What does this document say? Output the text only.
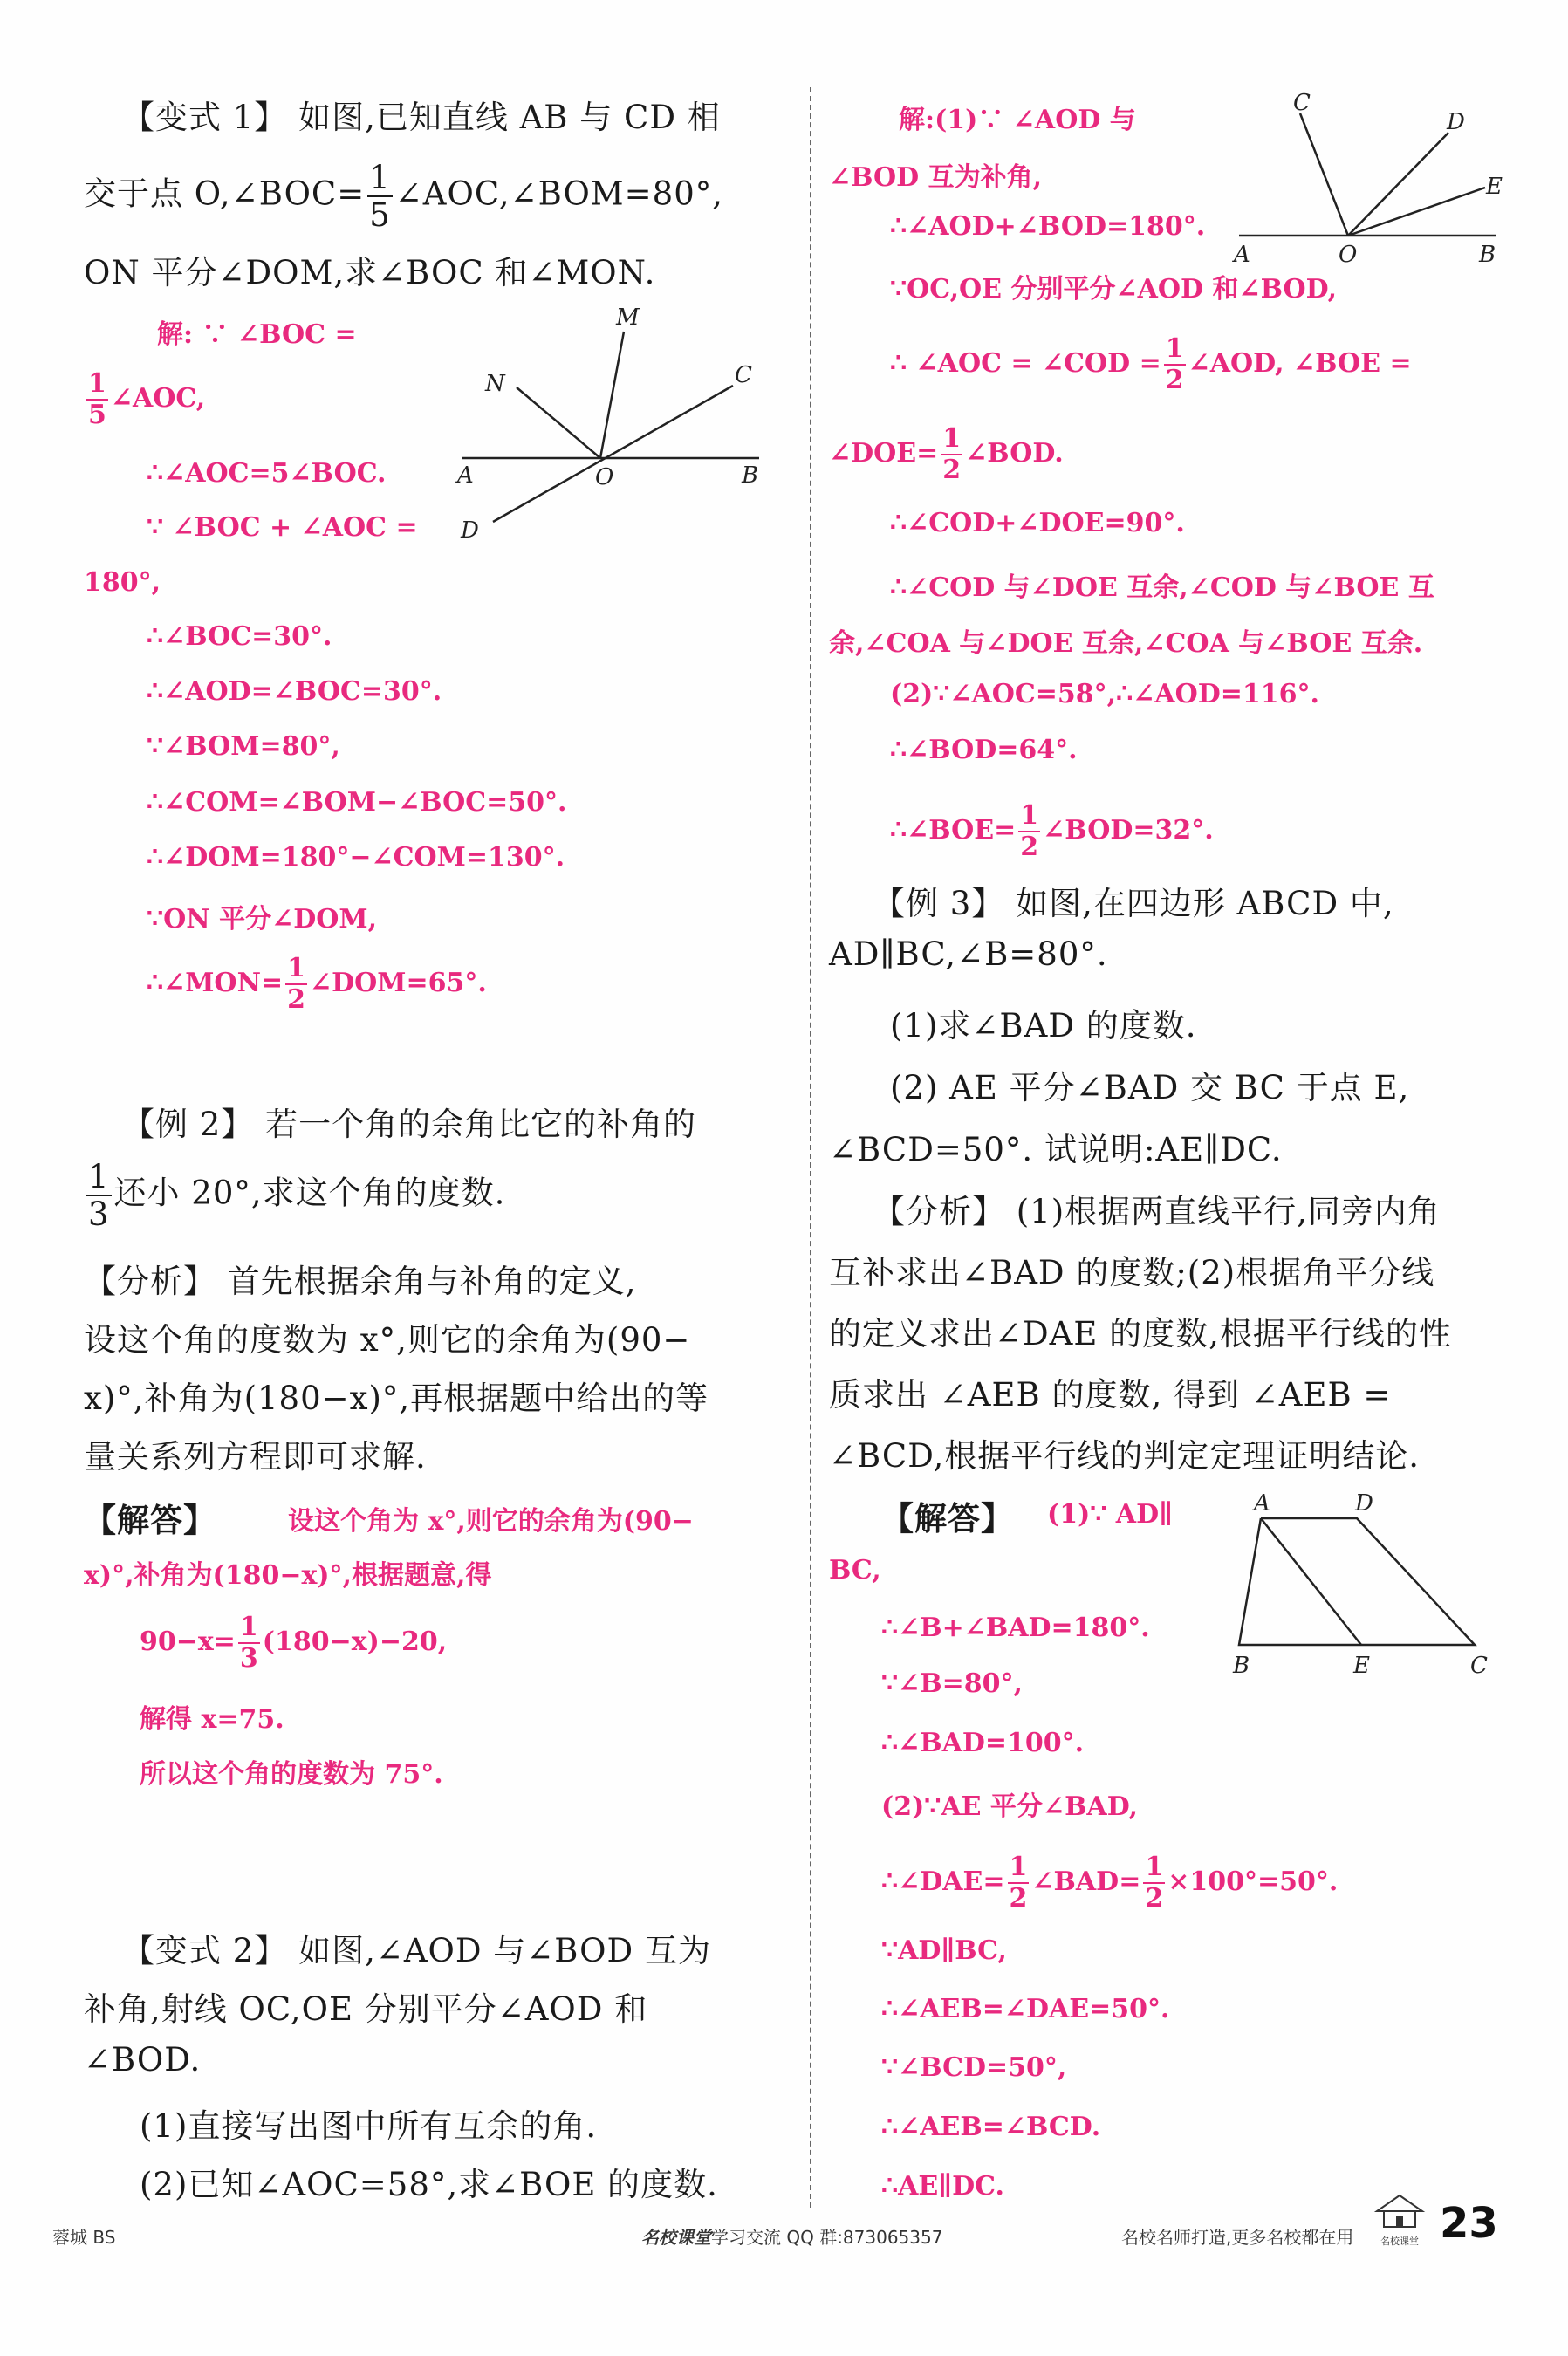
【变式 1】 如图,已知直线 AB 与 CD 相
交于点 O,∠BOC= $\frac{1}{5}$ ∠AOC,∠BOM=80°,
ON 平分∠DOM,求∠BOC 和∠MON.
解: ∵ ∠BOC =
$\frac{1}{5}$ ∠AOC,
∴∠AOC=5∠BOC.
∵ ∠BOC + ∠AOC =
180°,
∴∠BOC=30°.
∴∠AOD=∠BOC=30°.
∵∠BOM=80°,
∴∠COM=∠BOM−∠BOC=50°.
∴∠DOM=180°−∠COM=130°.
∵ON 平分∠DOM,
∴∠MON= $\frac{1}{2}$ ∠DOM=65°.
M
N	C
A	O	B
D
【例 2】 若一个角的余角比它的补角的
$\frac{1}{3}$ 还小 20°,求这个角的度数.
【分析】 首先根据余角与补角的定义,
设这个角的度数为 x°,则它的余角为(90−
x)°,补角为(180−x)°,再根据题中给出的等
量关系列方程即可求解.
【解答】	设这个角为 x°,则它的余角为(90−
x)°,补角为(180−x)°,根据题意,得
$90-x= \frac{1}{3} (180-x)-20$,
解得 x=75.
所以这个角的度数为 75°.
【变式 2】 如图,∠AOD 与∠BOD 互为
补角,射线 OC,OE 分别平分∠AOD 和
∠BOD.
(1)直接写出图中所有互余的角.
(2)已知∠AOC=58°,求∠BOE 的度数.
解:(1)∵ ∠AOD 与
∠BOD 互为补角,
∴∠AOD+∠BOD=180°.
∵OC,OE 分别平分∠AOD 和∠BOD,
∴ ∠AOC = ∠COD = $\frac{1}{2}$ ∠AOD, ∠BOE =
∠DOE= $\frac{1}{2}$ ∠BOD.
∴∠COD+∠DOE=90°.
∴∠COD 与∠DOE 互余,∠COD 与∠BOE 互
余,∠COA 与∠DOE 互余,∠COA 与∠BOE 互余.
(2)∵∠AOC=58°,∴∠AOD=116°.
∴∠BOD=64°.
∴∠BOE= $\frac{1}{2}$ ∠BOD=32°.
C
D
E
A	O	B
【例 3】 如图,在四边形 ABCD 中,
AD∥BC,∠B=80°.
(1)求∠BAD 的度数.
(2) AE 平分∠BAD 交 BC 于点 E,
∠BCD=50°. 试说明:AE∥DC.
【分析】 (1)根据两直线平行,同旁内角
互补求出∠BAD 的度数;(2)根据角平分线
的定义求出∠DAE 的度数,根据平行线的性
质求出 ∠AEB 的度数, 得到 ∠AEB =
∠BCD,根据平行线的判定定理证明结论.
【解答】 (1)∵ AD∥
BC,
∴∠B+∠BAD=180°.
∵∠B=80°,
∴∠BAD=100°.
(2)∵AE 平分∠BAD,
∴∠DAE= $\frac{1}{2}$ ∠BAD= $\frac{1}{2} \times 100^\circ=50^\circ$.
∵AD∥BC,
∴∠AEB=∠DAE=50°.
∵∠BCD=50°,
∴∠AEB=∠BCD.
∴AE∥DC.
A	D
B	E	C
蓉城 BS	名校课堂学习交流 QQ 群:873065357	名校名师打造,更多名校都在用	名校课堂 23
